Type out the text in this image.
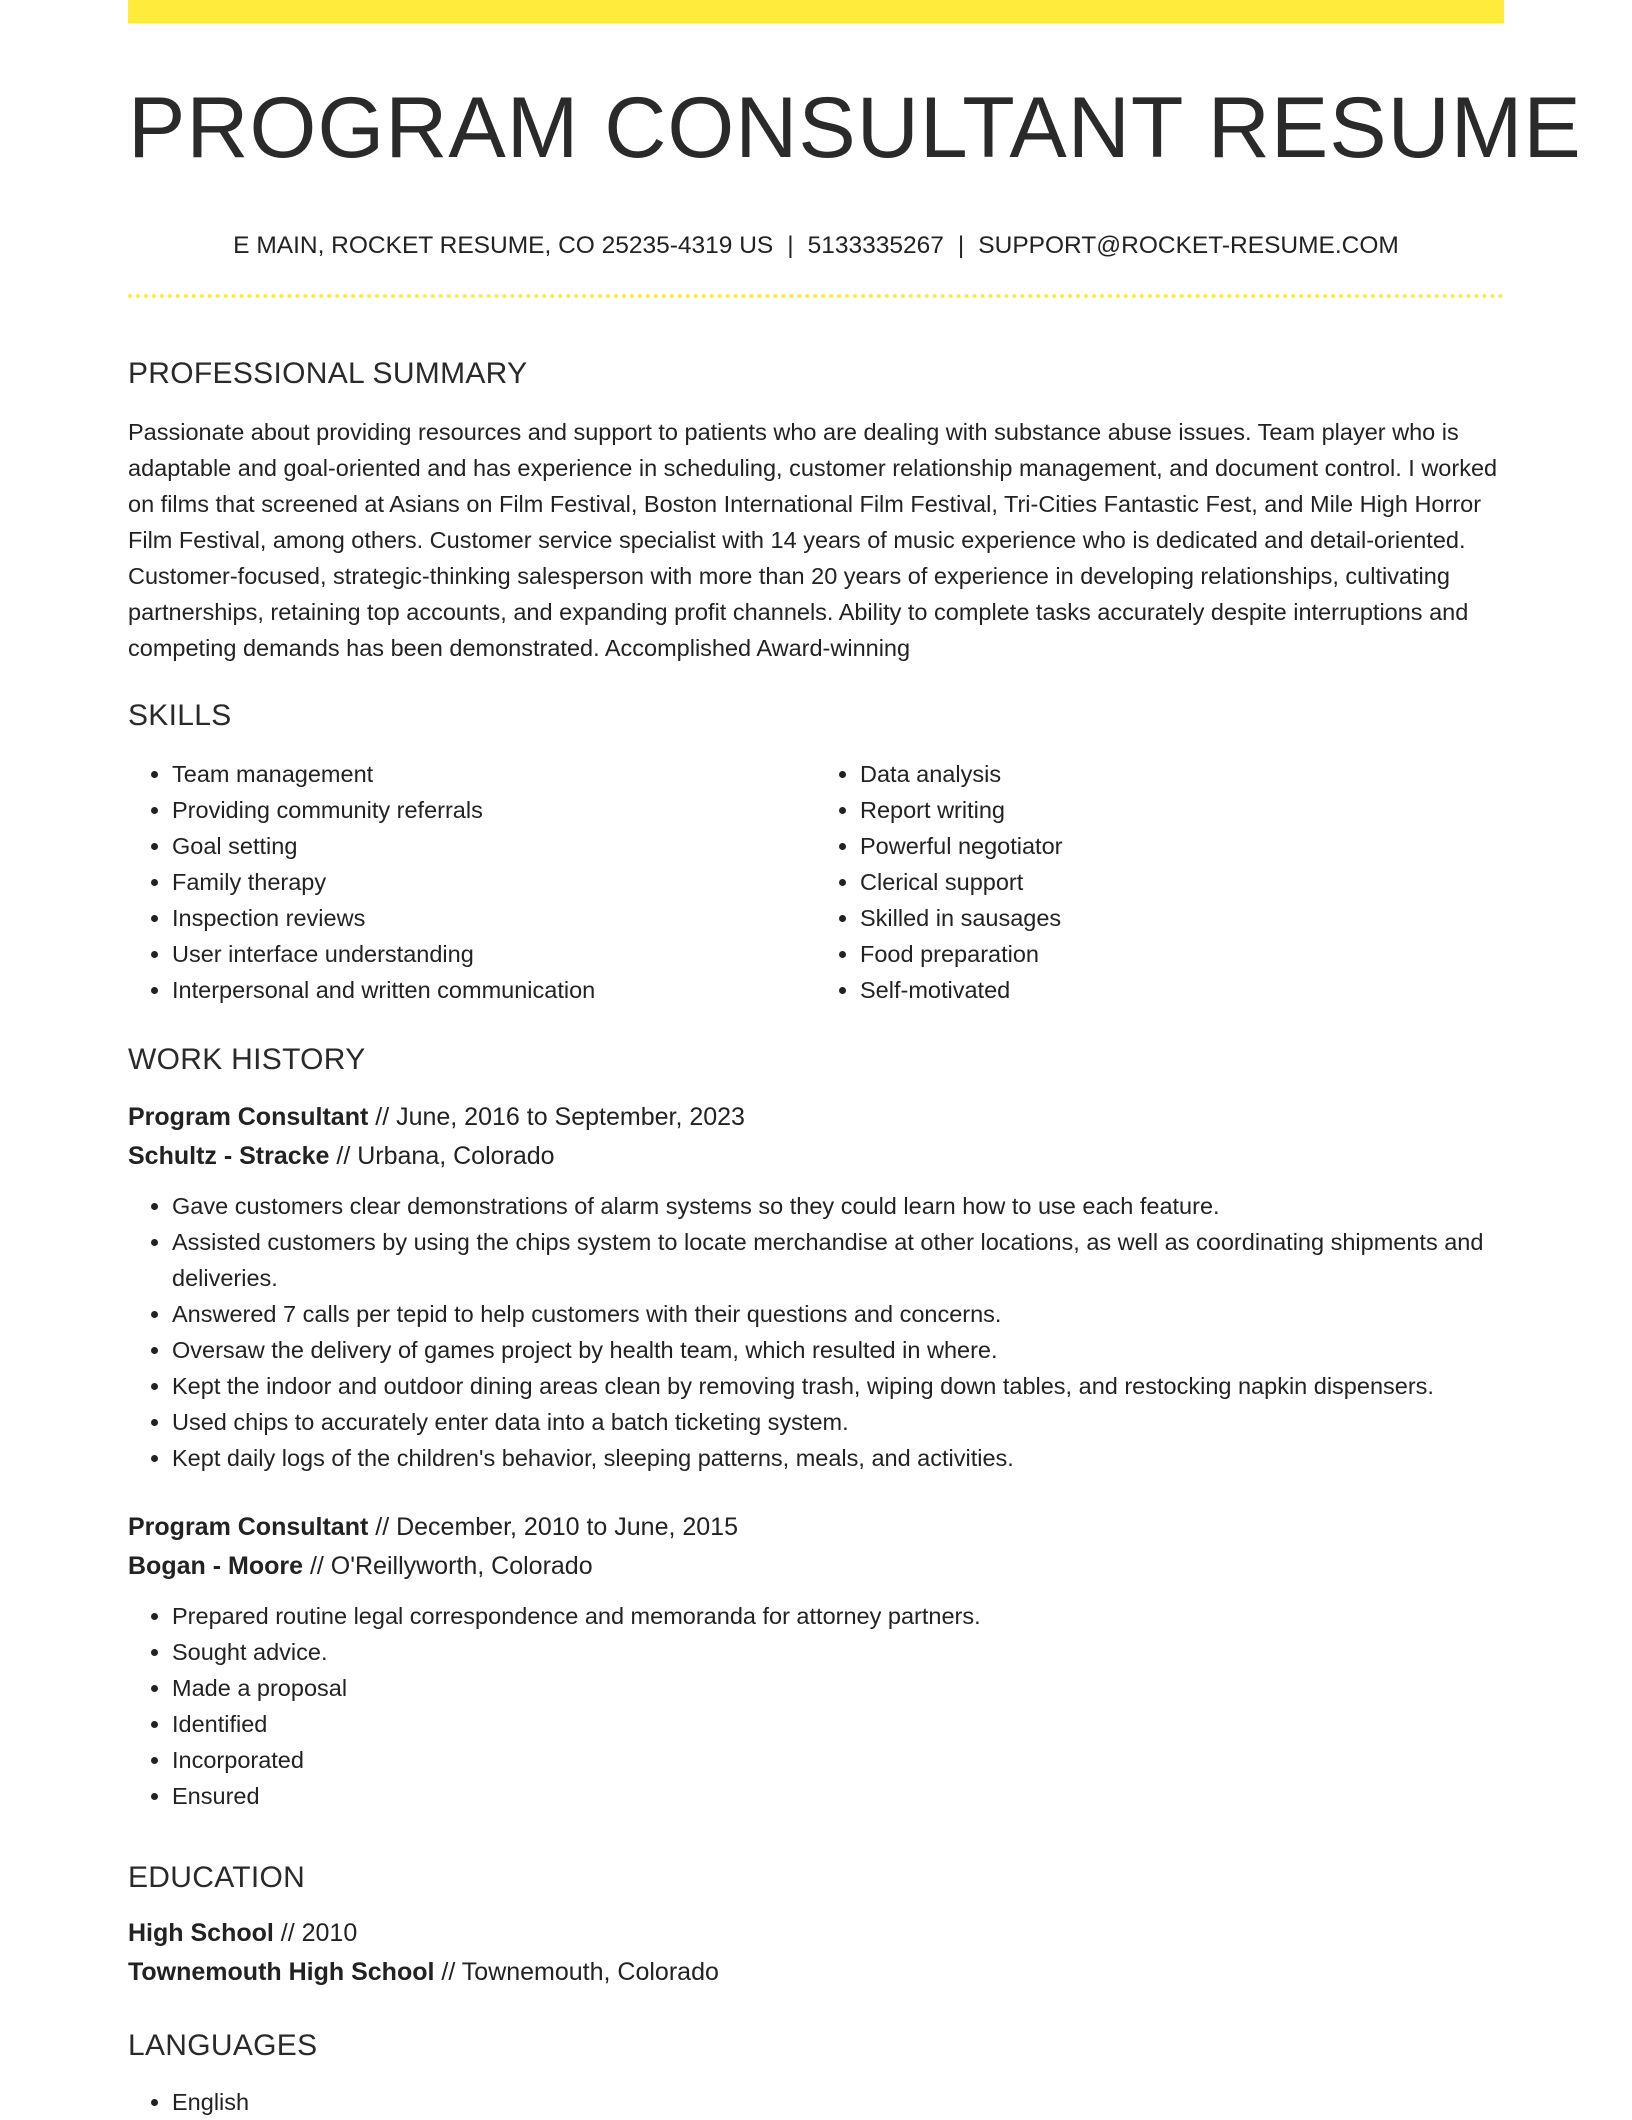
PROGRAM CONSULTANT RESUME
E MAIN, ROCKET RESUME, CO 25235-4319 US | 5133335267 | SUPPORT@ROCKET-RESUME.COM
PROFESSIONAL SUMMARY
Passionate about providing resources and support to patients who are dealing with substance abuse issues. Team player who is adaptable and goal-oriented and has experience in scheduling, customer relationship management, and document control. I worked on films that screened at Asians on Film Festival, Boston International Film Festival, Tri-Cities Fantastic Fest, and Mile High Horror Film Festival, among others. Customer service specialist with 14 years of music experience who is dedicated and detail-oriented. Customer-focused, strategic-thinking salesperson with more than 20 years of experience in developing relationships, cultivating partnerships, retaining top accounts, and expanding profit channels. Ability to complete tasks accurately despite interruptions and competing demands has been demonstrated. Accomplished Award-winning
SKILLS
• Team management
• Providing community referrals
• Goal setting
• Family therapy
• Inspection reviews
• User interface understanding
• Interpersonal and written communication
• Data analysis
• Report writing
• Powerful negotiator
• Clerical support
• Skilled in sausages
• Food preparation
• Self-motivated
WORK HISTORY
Program Consultant // June, 2016 to September, 2023
Schultz - Stracke // Urbana, Colorado
• Gave customers clear demonstrations of alarm systems so they could learn how to use each feature.
• Assisted customers by using the chips system to locate merchandise at other locations, as well as coordinating shipments and deliveries.
• Answered 7 calls per tepid to help customers with their questions and concerns.
• Oversaw the delivery of games project by health team, which resulted in where.
• Kept the indoor and outdoor dining areas clean by removing trash, wiping down tables, and restocking napkin dispensers.
• Used chips to accurately enter data into a batch ticketing system.
• Kept daily logs of the children's behavior, sleeping patterns, meals, and activities.
Program Consultant // December, 2010 to June, 2015
Bogan - Moore // O'Reillyworth, Colorado
• Prepared routine legal correspondence and memoranda for attorney partners.
• Sought advice.
• Made a proposal
• Identified
• Incorporated
• Ensured
EDUCATION
High School // 2010
Townemouth High School // Townemouth, Colorado
LANGUAGES
• English
